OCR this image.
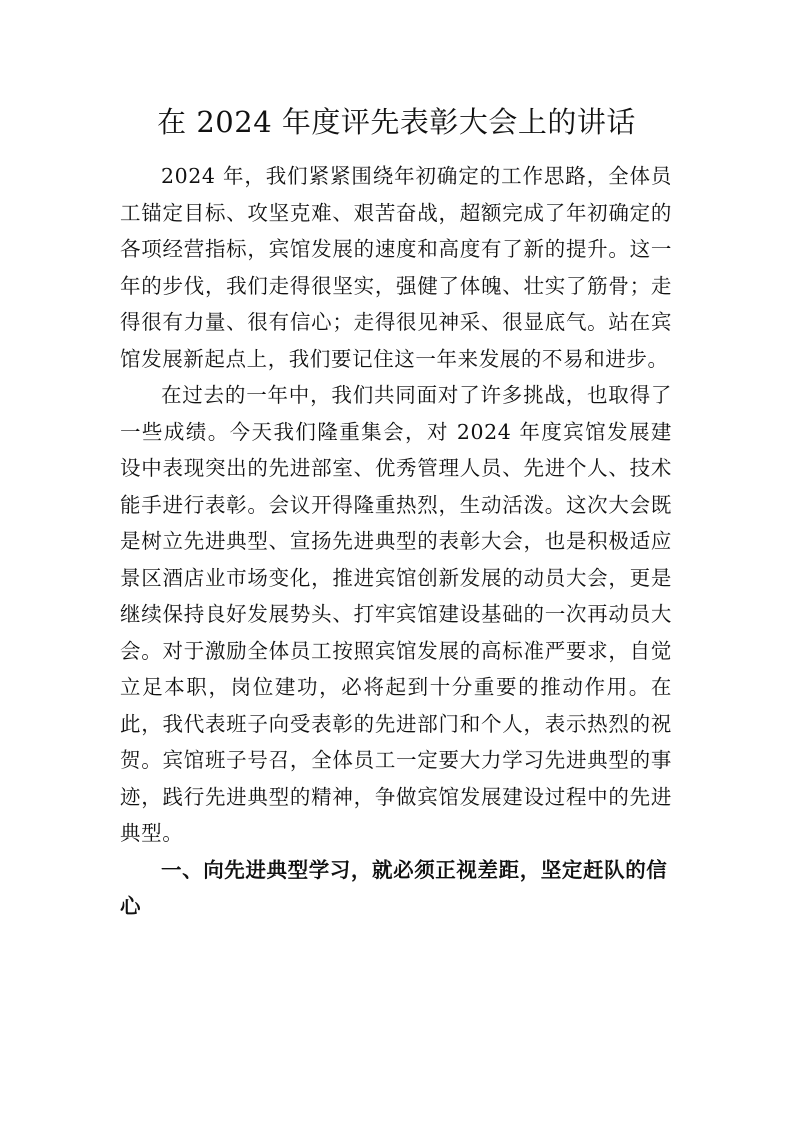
在 2024 年度评先表彰大会上的讲话

2024 年，我们紧紧围绕年初确定的工作思路，全体员工锚定目标、攻坚克难、艰苦奋战，超额完成了年初确定的各项经营指标，宾馆发展的速度和高度有了新的提升。这一年的步伐，我们走得很坚实，强健了体魄、壮实了筋骨；走得很有力量、很有信心；走得很见神采、很显底气。站在宾馆发展新起点上，我们要记住这一年来发展的不易和进步。

在过去的一年中，我们共同面对了许多挑战，也取得了一些成绩。今天我们隆重集会，对 2024 年度宾馆发展建设中表现突出的先进部室、优秀管理人员、先进个人、技术能手进行表彰。会议开得隆重热烈，生动活泼。这次大会既是树立先进典型、宣扬先进典型的表彰大会，也是积极适应景区酒店业市场变化，推进宾馆创新发展的动员大会，更是继续保持良好发展势头、打牢宾馆建设基础的一次再动员大会。对于激励全体员工按照宾馆发展的高标准严要求，自觉立足本职，岗位建功，必将起到十分重要的推动作用。在此，我代表班子向受表彰的先进部门和个人，表示热烈的祝贺。宾馆班子号召，全体员工一定要大力学习先进典型的事迹，践行先进典型的精神，争做宾馆发展建设过程中的先进典型。

一、向先进典型学习，就必须正视差距，坚定赶队的信心
